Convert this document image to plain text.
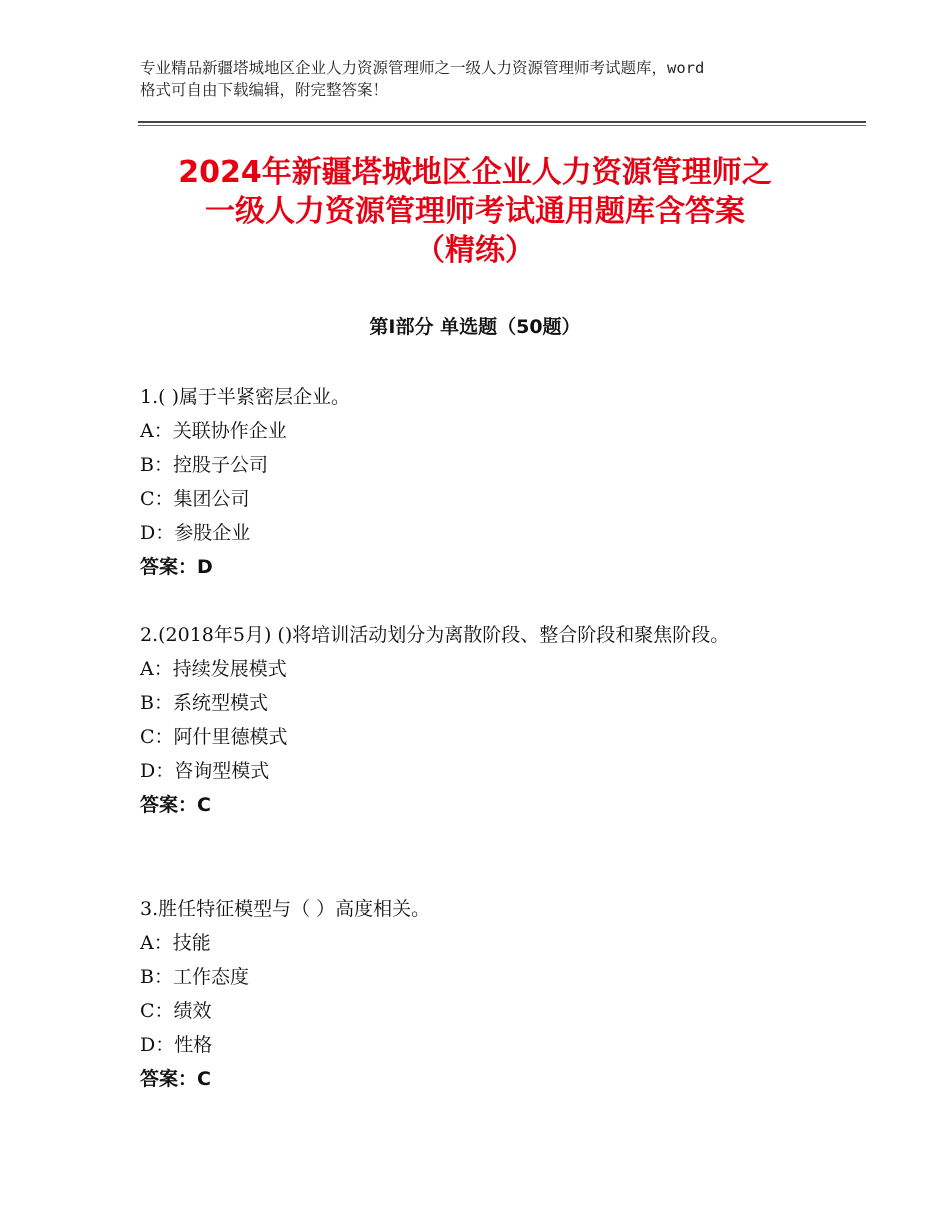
专业精品新疆塔城地区企业人力资源管理师之一级人力资源管理师考试题库，word
格式可自由下载编辑，附完整答案！
2024年新疆塔城地区企业人力资源管理师之
一级人力资源管理师考试通用题库含答案
（精练）
第Ⅰ部分 单选题（50题）
1.( )属于半紧密层企业。
A：关联协作企业
B：控股子公司
C：集团公司
D：参股企业
答案：D
2.(2018年5月) ()将培训活动划分为离散阶段、整合阶段和聚焦阶段。
A：持续发展模式
B：系统型模式
C：阿什里德模式
D：咨询型模式
答案：C
3.胜任特征模型与（ ）高度相关。
A：技能
B：工作态度
C：绩效
D：性格
答案：C
